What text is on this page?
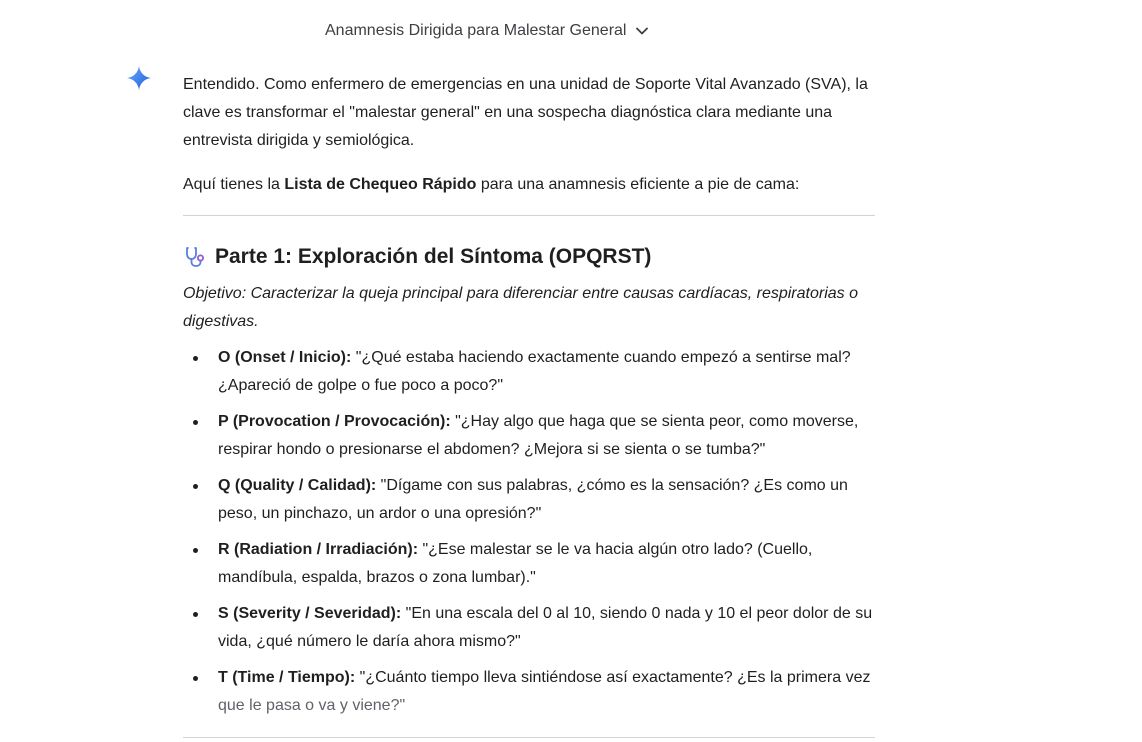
Anamnesis Dirigida para Malestar General

Entendido. Como enfermero de emergencias en una unidad de Soporte Vital Avanzado (SVA), la clave es transformar el "malestar general" en una sospecha diagnóstica clara mediante una entrevista dirigida y semiológica.

Aquí tienes la Lista de Chequeo Rápido para una anamnesis eficiente a pie de cama:

Parte 1: Exploración del Síntoma (OPQRST)

Objetivo: Caracterizar la queja principal para diferenciar entre causas cardíacas, respiratorias o digestivas.

O (Onset / Inicio): "¿Qué estaba haciendo exactamente cuando empezó a sentirse mal? ¿Apareció de golpe o fue poco a poco?"
P (Provocation / Provocación): "¿Hay algo que haga que se sienta peor, como moverse, respirar hondo o presionarse el abdomen? ¿Mejora si se sienta o se tumba?"
Q (Quality / Calidad): "Dígame con sus palabras, ¿cómo es la sensación? ¿Es como un peso, un pinchazo, un ardor o una opresión?"
R (Radiation / Irradiación): "¿Ese malestar se le va hacia algún otro lado? (Cuello, mandíbula, espalda, brazos o zona lumbar)."
S (Severity / Severidad): "En una escala del 0 al 10, siendo 0 nada y 10 el peor dolor de su vida, ¿qué número le daría ahora mismo?"
T (Time / Tiempo): "¿Cuánto tiempo lleva sintiéndose así exactamente? ¿Es la primera vez que le pasa o va y viene?"
